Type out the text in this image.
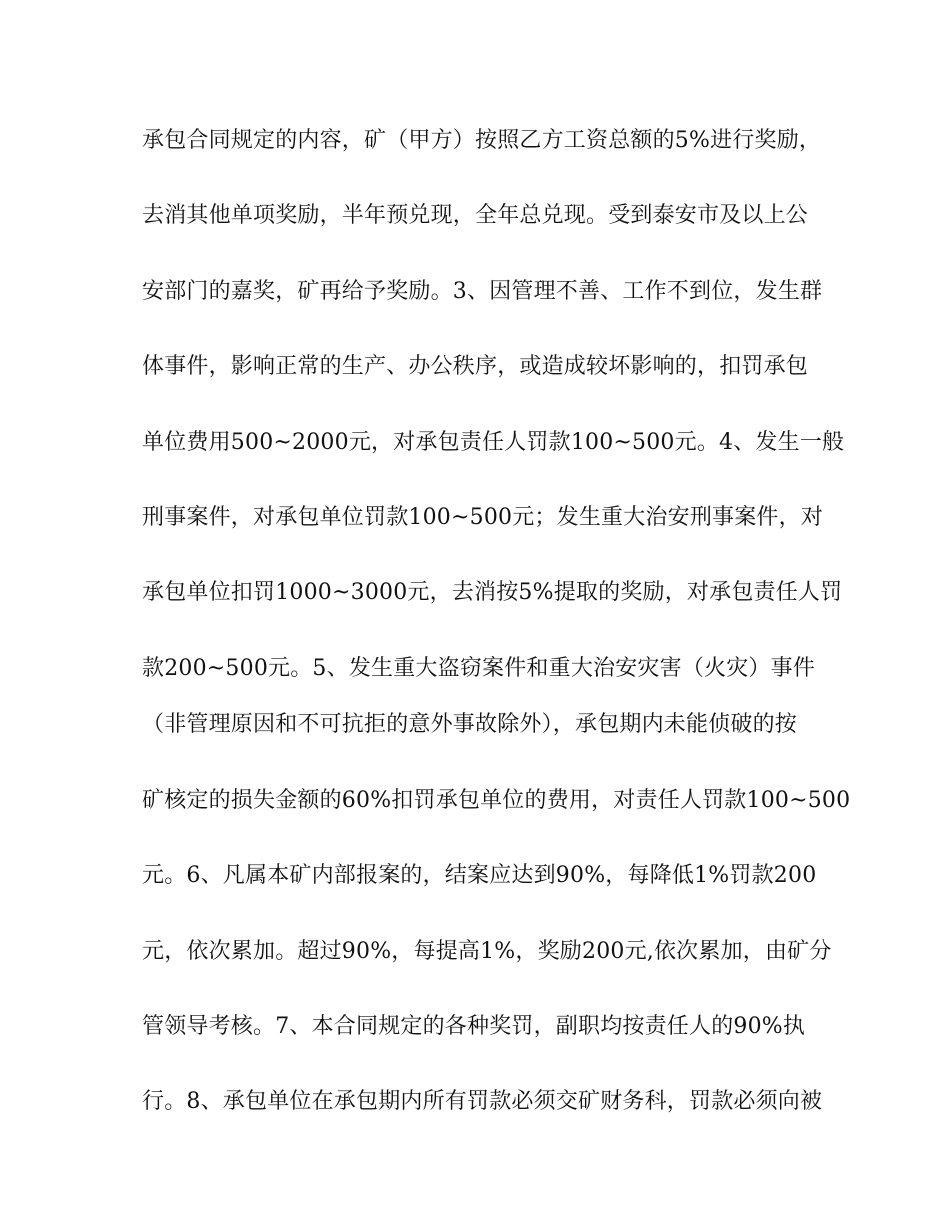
承包合同规定的内容，矿（甲方）按照乙方工资总额的5%进行奖励，
去消其他单项奖励，半年预兑现，全年总兑现。受到泰安市及以上公
安部门的嘉奖，矿再给予奖励。3、因管理不善、工作不到位，发生群
体事件，影响正常的生产、办公秩序，或造成较坏影响的，扣罚承包
单位费用500~2000元，对承包责任人罚款100~500元。4、发生一般
刑事案件，对承包单位罚款100~500元；发生重大治安刑事案件，对
承包单位扣罚1000~3000元，去消按5%提取的奖励，对承包责任人罚
款200~500元。5、发生重大盗窃案件和重大治安灾害（火灾）事件
（非管理原因和不可抗拒的意外事故除外），承包期内未能侦破的按
矿核定的损失金额的60%扣罚承包单位的费用，对责任人罚款100~500
元。6、凡属本矿内部报案的，结案应达到90%，每降低1%罚款200
元，依次累加。超过90%，每提高1%，奖励200元,依次累加，由矿分
管领导考核。7、本合同规定的各种奖罚，副职均按责任人的90%执
行。8、承包单位在承包期内所有罚款必须交矿财务科，罚款必须向被
